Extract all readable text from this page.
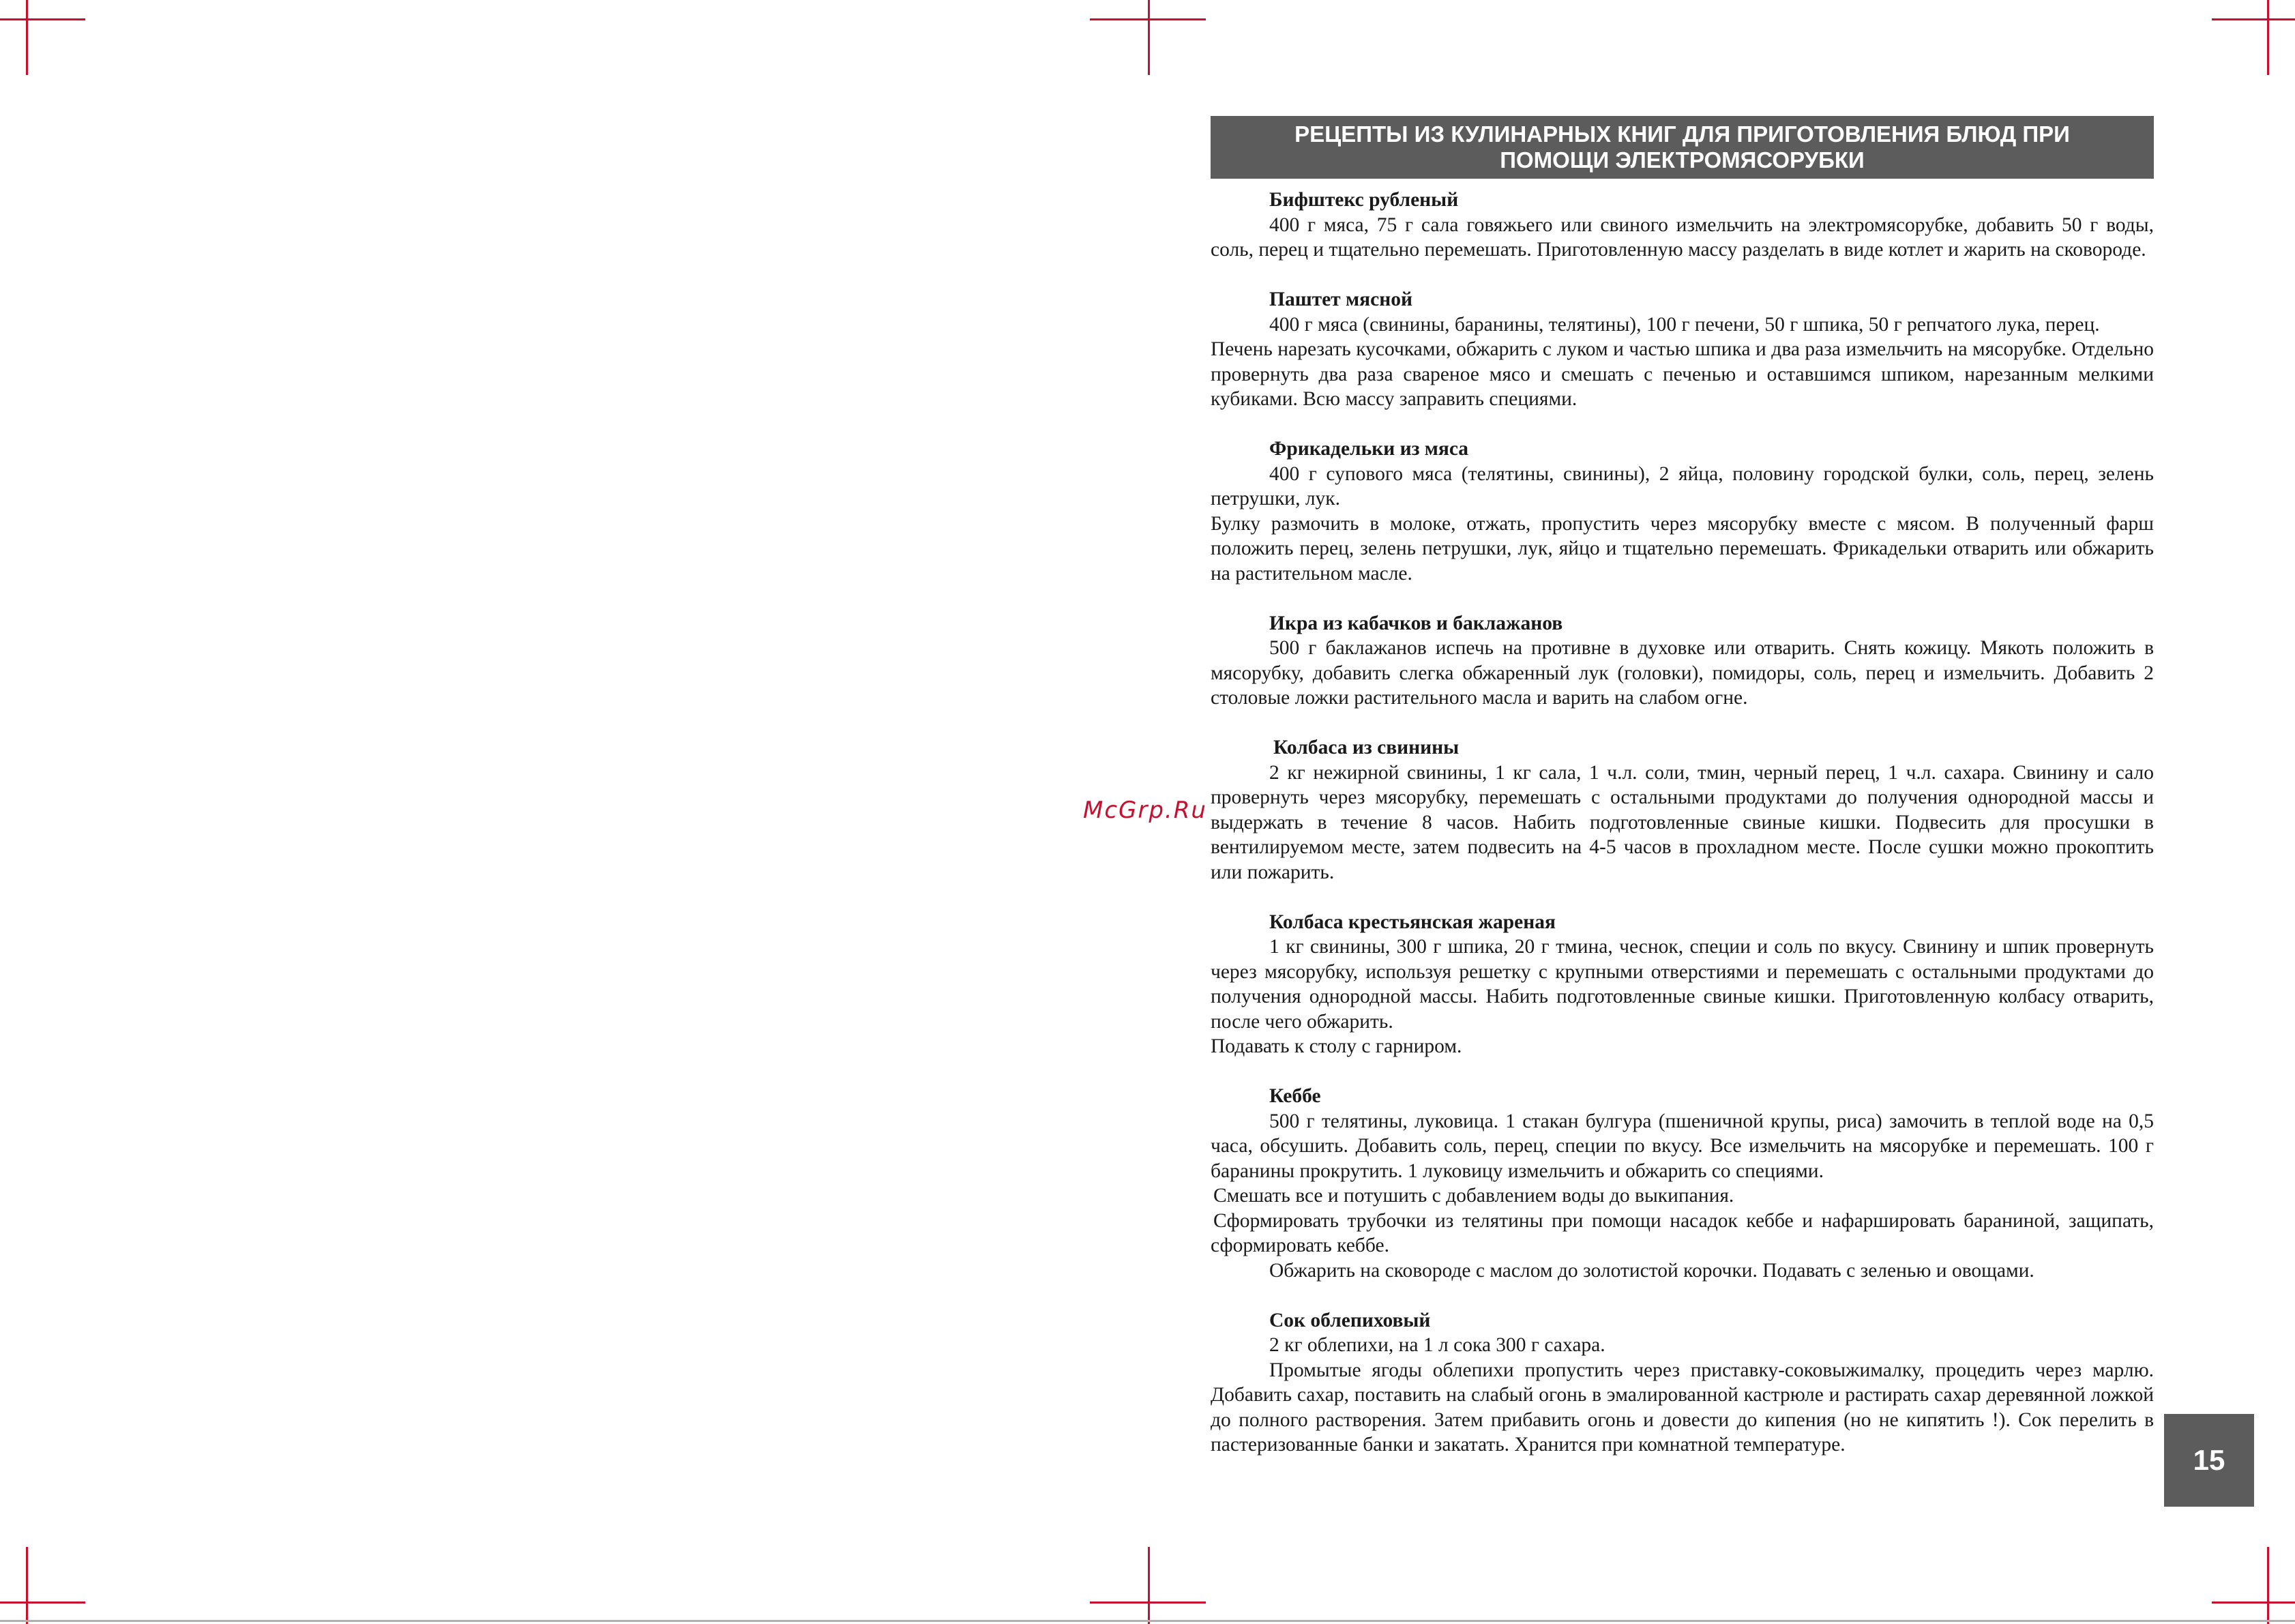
РЕЦЕПТЫ ИЗ КУЛИНАРНЫХ КНИГ ДЛЯ ПРИГОТОВЛЕНИЯ БЛЮД ПРИ
ПОМОЩИ ЭЛЕКТРОМЯСОРУБКИ
McGrp.Ru
Бифштекс рубленый
400 г мяса, 75 г сала говяжьего или свиного измельчить на электромясорубке, добавить 50 г воды, соль, перец и тщательно перемешать. Приготовленную массу разделать в виде котлет и жарить на сковороде.
Паштет мясной
400 г мяса (свинины, баранины, телятины), 100 г печени, 50 г шпика, 50 г репчатого лука, перец.
Печень нарезать кусочками, обжарить с луком и частью шпика и два раза измельчить на мясорубке. Отдельно провернуть два раза свареное мясо и смешать с печенью и оставшимся шпиком, нарезанным мелкими кубиками. Всю массу заправить специями.
Фрикадельки из мяса
400 г супового мяса (телятины, свинины), 2 яйца, половину городской булки, соль, перец, зелень петрушки, лук.
Булку размочить в молоке, отжать, пропустить через мясорубку вместе с мясом. В полученный фарш положить перец, зелень петрушки, лук, яйцо и тщательно перемешать. Фрикадельки отварить или обжарить на растительном масле.
Икра из кабачков и баклажанов
500 г баклажанов испечь на противне в духовке или отварить. Снять кожицу. Мякоть положить в мясорубку, добавить слегка обжаренный лук (головки), помидоры, соль, перец и измельчить. Добавить 2 столовые ложки растительного масла и варить на слабом огне.
Колбаса из свинины
2 кг нежирной свинины, 1 кг сала, 1 ч.л. соли, тмин, черный перец, 1 ч.л. сахара. Свинину и сало провернуть через мясорубку, перемешать с остальными продуктами до получения однородной массы и выдержать в течение 8 часов. Набить подготовленные свиные кишки. Подвесить для просушки в вентилируемом месте, затем подвесить на 4-5 часов в прохладном месте. После сушки можно прокоптить или пожарить.
Колбаса крестьянская жареная
1 кг свинины, 300 г шпика, 20 г тмина, чеснок, специи и соль по вкусу. Свинину и шпик провернуть через мясорубку, используя решетку с крупными отверстиями и перемешать с остальными продуктами до получения однородной массы. Набить подготовленные свиные кишки. Приготовленную колбасу отварить, после чего обжарить.
Подавать к столу с гарниром.
Кеббе
500 г телятины, луковица. 1 стакан булгура (пшеничной крупы, риса) замочить в теплой воде на 0,5 часа, обсушить. Добавить соль, перец, специи по вкусу. Все измельчить на мясорубке и перемешать. 100 г баранины прокрутить. 1 луковицу измельчить и обжарить со специями.
Смешать все и потушить с добавлением воды до выкипания.
Сформировать трубочки из телятины при помощи насадок кеббе и нафаршировать бараниной, защипать, сформировать кеббе.
Обжарить на сковороде с маслом до золотистой корочки. Подавать с зеленью и овощами.
Сок облепиховый
2 кг облепихи, на 1 л сока 300 г сахара.
Промытые ягоды облепихи пропустить через приставку-соковыжималку, процедить через марлю. Добавить сахар, поставить на слабый огонь в эмалированной кастрюле и растирать сахар деревянной ложкой до полного растворения. Затем прибавить огонь и довести до кипения (но не кипятить !). Сок перелить в пастеризованные банки и закатать. Хранится при комнатной температуре.	15
